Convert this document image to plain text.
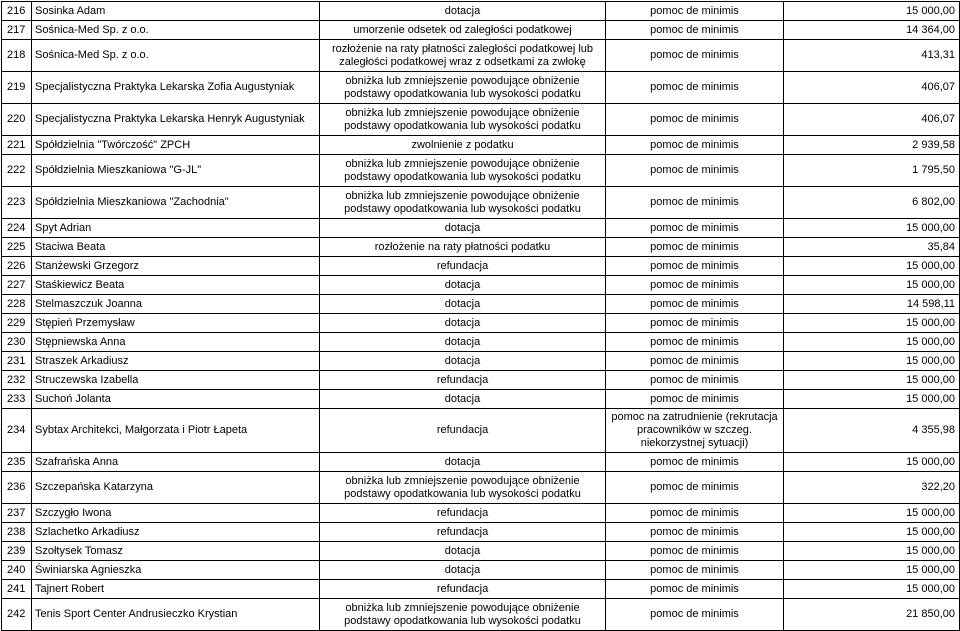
216	Sosinka Adam	dotacja	pomoc de minimis	15 000,00
217	Sośnica-Med Sp. z o.o.	umorzenie odsetek od zaległości podatkowej	pomoc de minimis	14 364,00
218	Sośnica-Med Sp. z o.o.	rozłożenie na raty płatności zaległości podatkowej lub zaległości podatkowej wraz z odsetkami za zwłokę	pomoc de minimis	413,31
219	Specjalistyczna Praktyka Lekarska Zofia Augustyniak	obniżka lub zmniejszenie powodujące obniżenie podstawy opodatkowania lub wysokości podatku	pomoc de minimis	406,07
220	Specjalistyczna Praktyka Lekarska Henryk Augustyniak	obniżka lub zmniejszenie powodujące obniżenie podstawy opodatkowania lub wysokości podatku	pomoc de minimis	406,07
221	Spółdzielnia "Twórczość" ZPCH	zwolnienie z podatku	pomoc de minimis	2 939,58
222	Spółdzielnia Mieszkaniowa "G-JL"	obniżka lub zmniejszenie powodujące obniżenie podstawy opodatkowania lub wysokości podatku	pomoc de minimis	1 795,50
223	Spółdzielnia Mieszkaniowa "Zachodnia"	obniżka lub zmniejszenie powodujące obniżenie podstawy opodatkowania lub wysokości podatku	pomoc de minimis	6 802,00
224	Spyt Adrian	dotacja	pomoc de minimis	15 000,00
225	Staciwa Beata	rozłożenie na raty płatności podatku	pomoc de minimis	35,84
226	Stanżewski Grzegorz	refundacja	pomoc de minimis	15 000,00
227	Staśkiewicz Beata	dotacja	pomoc de minimis	15 000,00
228	Stelmaszczuk Joanna	dotacja	pomoc de minimis	14 598,11
229	Stępień Przemysław	dotacja	pomoc de minimis	15 000,00
230	Stępniewska Anna	dotacja	pomoc de minimis	15 000,00
231	Straszek Arkadiusz	dotacja	pomoc de minimis	15 000,00
232	Struczewska Izabella	refundacja	pomoc de minimis	15 000,00
233	Suchoń Jolanta	dotacja	pomoc de minimis	15 000,00
234	Sybtax Architekci, Małgorzata i Piotr Łapeta	refundacja	pomoc na zatrudnienie (rekrutacja pracowników w szczeg. niekorzystnej sytuacji)	4 355,98
235	Szafrańska Anna	dotacja	pomoc de minimis	15 000,00
236	Szczepańska Katarzyna	obniżka lub zmniejszenie powodujące obniżenie podstawy opodatkowania lub wysokości podatku	pomoc de minimis	322,20
237	Szczygło Iwona	refundacja	pomoc de minimis	15 000,00
238	Szlachetko Arkadiusz	refundacja	pomoc de minimis	15 000,00
239	Szołtysek Tomasz	dotacja	pomoc de minimis	15 000,00
240	Świniarska Agnieszka	dotacja	pomoc de minimis	15 000,00
241	Tajnert Robert	refundacja	pomoc de minimis	15 000,00
242	Tenis Sport Center Andrusieczko Krystian	obniżka lub zmniejszenie powodujące obniżenie podstawy opodatkowania lub wysokości podatku	pomoc de minimis	21 850,00
